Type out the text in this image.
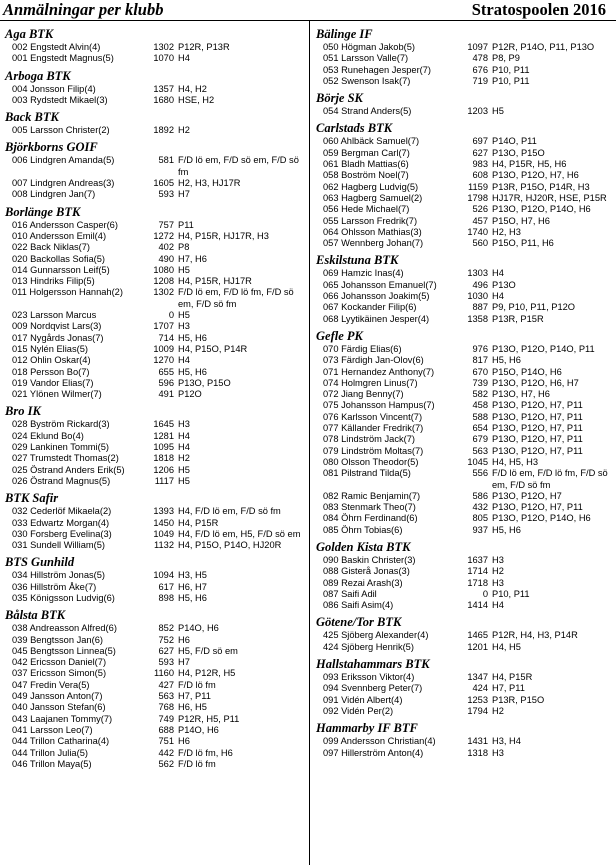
Anmälningar per klubb	Stratospoolen 2016
Aga BTK
002 Engstedt Alvin(4)	1302 P12R, P13R
001 Engstedt Magnus(5)	1070 H4
Arboga BTK
004 Jonsson Filip(4)	1357 H4, H2
003 Rydstedt Mikael(3)	1680 HSE, H2
Back BTK
005 Larsson Christer(2)	1892 H2
Björkborns GOIF
006 Lindgren Amanda(5)	581 F/D lö em, F/D sö em, F/D sö fm
007 Lindgren Andreas(3)	1605 H2, H3, HJ17R
008 Lindgren Jan(7)	593 H7
Borlänge BTK
016 Andersson Casper(6)	757 P11
010 Andersson Emil(4)	1272 H4, P15R, HJ17R, H3
022 Back Niklas(7)	402 P8
020 Backollas Sofia(5)	490 H7, H6
014 Gunnarsson Leif(5)	1080 H5
013 Hindriks Filip(5)	1208 H4, P15R, HJ17R
011 Holgersson Hannah(2)	1302 F/D lö em, F/D lö fm, F/D sö em, F/D sö fm
023 Larsson Marcus	0 H5
009 Nordqvist Lars(3)	1707 H3
017 Nygårds Jonas(7)	714 H5, H6
015 Nylén Elias(5)	1009 H4, P15O, P14R
012 Ohlin Oskar(4)	1270 H4
018 Persson Bo(7)	655 H5, H6
019 Vandor Elias(7)	596 P13O, P15O
021 Ylönen Wilmer(7)	491 P12O
Bro IK
028 Byström Rickard(3)	1645 H3
024 Eklund Bo(4)	1281 H4
029 Lankinen Tommi(5)	1095 H4
027 Trumstedt Thomas(2)	1818 H2
025 Östrand Anders Erik(5)	1206 H5
026 Östrand Magnus(5)	1117 H5
BTK Safir
032 Cederlöf Mikaela(2)	1393 H4, F/D lö em, F/D sö fm
033 Edwartz Morgan(4)	1450 H4, P15R
030 Forsberg Evelina(3)	1049 H4, F/D lö em, H5, F/D sö em
031 Sundell William(5)	1132 H4, P15O, P14O, HJ20R
BTS Gunhild
034 Hillström Jonas(5)	1094 H3, H5
036 Hillström Åke(7)	617 H6, H7
035 Königsson Ludvig(6)	898 H5, H6
Bålsta BTK
038 Andreasson Alfred(6)	852 P14O, H6
039 Bengtsson Jan(6)	752 H6
045 Bengtsson Linnea(5)	627 H5, F/D sö em
042 Ericsson Daniel(7)	593 H7
037 Ericsson Simon(5)	1160 H4, P12R, H5
047 Fredin Vera(5)	427 F/D lö fm
049 Jansson Anton(7)	563 H7, P11
040 Jansson Stefan(6)	768 H6, H5
043 Laajanen Tommy(7)	749 P12R, H5, P11
041 Larsson Leo(7)	688 P14O, H6
044 Trillon Catharina(4)	751 H6
044 Trillon Julia(5)	442 F/D lö fm, H6
046 Trillon Maya(5)	562 F/D lö fm
Bälinge IF
050 Högman Jakob(5)	1097 P12R, P14O, P11, P13O
051 Larsson Valle(7)	478 P8, P9
053 Runehagen Jesper(7)	676 P10, P11
052 Swenson Isak(7)	719 P10, P11
Börje SK
054 Strand Anders(5)	1203 H5
Carlstads BTK
060 Ahlbäck Samuel(7)	697 P14O, P11
059 Bergman Carl(7)	627 P13O, P15O
061 Bladh Mattias(6)	983 H4, P15R, H5, H6
058 Boström Noel(7)	608 P13O, P12O, H7, H6
062 Hagberg Ludvig(5)	1159 P13R, P15O, P14R, H3
063 Hagberg Samuel(2)	1798 HJ17R, HJ20R, HSE, P15R
056 Hede Michael(7)	526 P13O, P12O, P14O, H6
055 Larsson Fredrik(7)	457 P15O, H7, H6
064 Ohlsson Mathias(3)	1740 H2, H3
057 Wennberg Johan(7)	560 P15O, P11, H6
Eskilstuna BTK
069 Hamzic Inas(4)	1303 H4
065 Johansson Emanuel(7)	496 P13O
066 Johansson Joakim(5)	1030 H4
067 Kockander Filip(6)	887 P9, P10, P11, P12O
068 Lyytikäinen Jesper(4)	1358 P13R, P15R
Gefle PK
070 Färdig Elias(6)	976 P13O, P12O, P14O, P11
073 Färdigh Jan-Olov(6)	817 H5, H6
071 Hernandez Anthony(7)	670 P15O, P14O, H6
074 Holmgren Linus(7)	739 P13O, P12O, H6, H7
072 Jiang Benny(7)	582 P13O, H7, H6
075 Johansson Hampus(7)	458 P13O, P12O, H7, P11
076 Karlsson Vincent(7)	588 P13O, P12O, H7, P11
077 Källander Fredrik(7)	654 P13O, P12O, H7, P11
078 Lindström Jack(7)	679 P13O, P12O, H7, P11
079 Lindström Moltas(7)	563 P13O, P12O, H7, P11
080 Olsson Theodor(5)	1045 H4, H5, H3
081 Pilstrand Tilda(5)	556 F/D lö em, F/D lö fm, F/D sö em, F/D sö fm
082 Ramic Benjamin(7)	586 P13O, P12O, H7
083 Stenmark Theo(7)	432 P13O, P12O, H7, P11
084 Öhrn Ferdinand(6)	805 P13O, P12O, P14O, H6
085 Öhrn Tobias(6)	937 H5, H6
Golden Kista BTK
090 Baskin Christer(3)	1637 H3
088 Gisterå Jonas(3)	1714 H2
089 Rezai Arash(3)	1718 H3
087 Saifi Adil	0 P10, P11
086 Saifi Asim(4)	1414 H4
Götene/Tor BTK
425 Sjöberg Alexander(4)	1465 P12R, H4, H3, P14R
424 Sjöberg Henrik(5)	1201 H4, H5
Hallstahammars BTK
093 Eriksson Viktor(4)	1347 H4, P15R
094 Svennberg Peter(7)	424 H7, P11
091 Vidén Albert(4)	1253 P13R, P15O
092 Vidén Per(2)	1794 H2
Hammarby IF BTF
099 Andersson Christian(4)	1431 H3, H4
097 Hillerström Anton(4)	1318 H3
